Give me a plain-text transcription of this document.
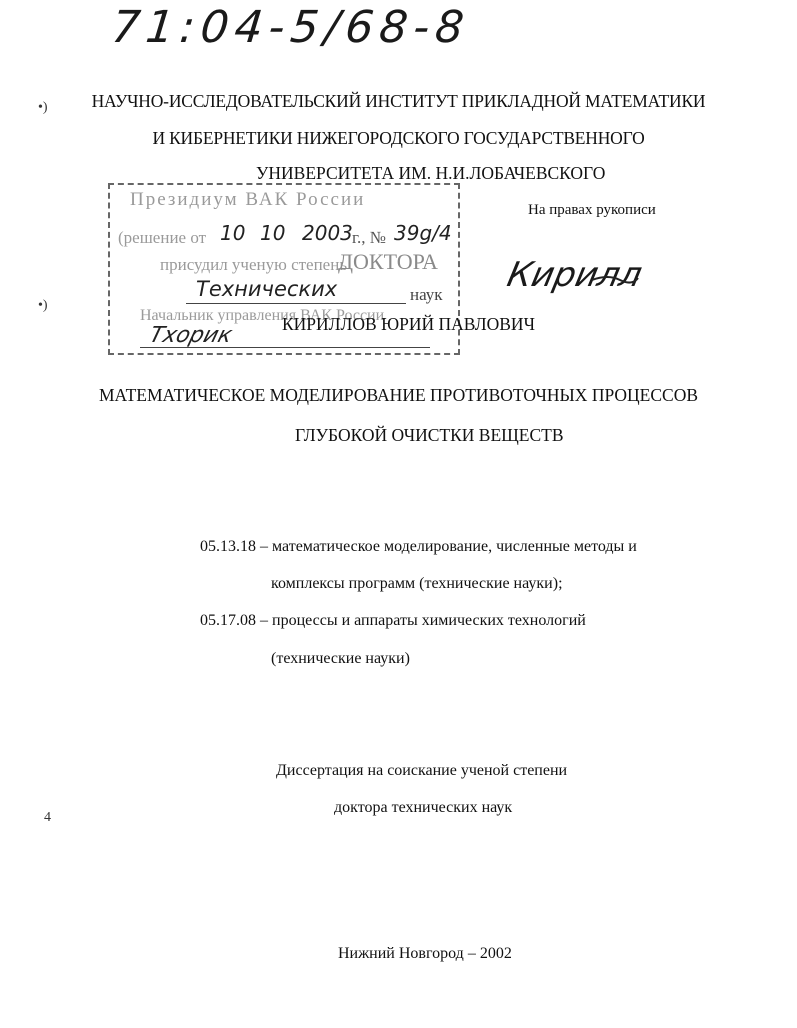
71:04-5/68-8
•)
•)
4
НАУЧНО-ИССЛЕДОВАТЕЛЬСКИЙ ИНСТИТУТ ПРИКЛАДНОЙ МАТЕМАТИКИ
И КИБЕРНЕТИКИ НИЖЕГОРОДСКОГО ГОСУДАРСТВЕННОГО
УНИВЕРСИТЕТА ИМ. Н.И.ЛОБАЧЕВСКОГО
На правах рукописи
Президиум ВАК России
(решение от 10 10 2003 г., № 39g/4
присудил ученую степень
ДОКТОРА
Технических	наук
Начальник управления ВАК России
Тхорик
Кирилл
КИРИЛЛОВ ЮРИЙ ПАВЛОВИЧ
МАТЕМАТИЧЕСКОЕ МОДЕЛИРОВАНИЕ ПРОТИВОТОЧНЫХ ПРОЦЕССОВ
ГЛУБОКОЙ ОЧИСТКИ ВЕЩЕСТВ
05.13.18 – математическое моделирование, численные методы и
комплексы программ (технические науки);
05.17.08 – процессы и аппараты химических технологий
(технические науки)
Диссертация на соискание ученой степени
доктора технических наук
Нижний Новгород – 2002
